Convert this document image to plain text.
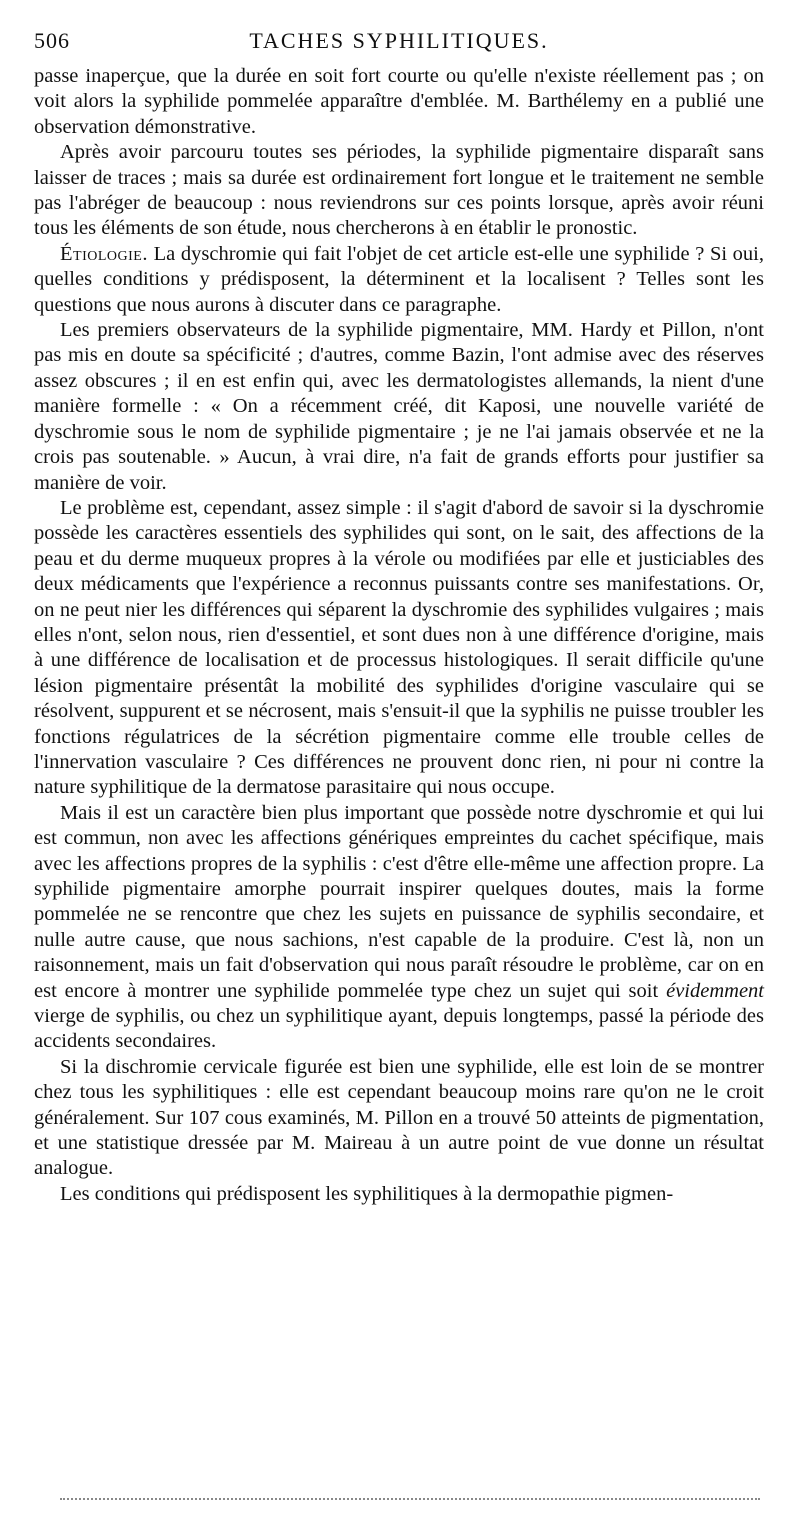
506	TACHES SYPHILITIQUES.

passe inaperçue, que la durée en soit fort courte ou qu'elle n'existe réellement pas ; on voit alors la syphilide pommelée apparaître d'emblée. M. Barthélemy en a publié une observation démonstrative.

Après avoir parcouru toutes ses périodes, la syphilide pigmentaire disparaît sans laisser de traces ; mais sa durée est ordinairement fort longue et le traitement ne semble pas l'abréger de beaucoup : nous reviendrons sur ces points lorsque, après avoir réuni tous les éléments de son étude, nous chercherons à en établir le pronostic.

Étiologie. La dyschromie qui fait l'objet de cet article est-elle une syphilide ? Si oui, quelles conditions y prédisposent, la déterminent et la localisent ? Telles sont les questions que nous aurons à discuter dans ce paragraphe.

Les premiers observateurs de la syphilide pigmentaire, MM. Hardy et Pillon, n'ont pas mis en doute sa spécificité ; d'autres, comme Bazin, l'ont admise avec des réserves assez obscures ; il en est enfin qui, avec les dermatologistes allemands, la nient d'une manière formelle : « On a récemment créé, dit Kaposi, une nouvelle variété de dyschromie sous le nom de syphilide pigmentaire ; je ne l'ai jamais observée et ne la crois pas soutenable. » Aucun, à vrai dire, n'a fait de grands efforts pour justifier sa manière de voir.

Le problème est, cependant, assez simple : il s'agit d'abord de savoir si la dyschromie possède les caractères essentiels des syphilides qui sont, on le sait, des affections de la peau et du derme muqueux propres à la vérole ou modifiées par elle et justiciables des deux médicaments que l'expérience a reconnus puissants contre ses manifestations. Or, on ne peut nier les différences qui séparent la dyschromie des syphilides vulgaires ; mais elles n'ont, selon nous, rien d'essentiel, et sont dues non à une différence d'origine, mais à une différence de localisation et de processus histologiques. Il serait difficile qu'une lésion pigmentaire présentât la mobilité des syphilides d'origine vasculaire qui se résolvent, suppurent et se nécrosent, mais s'ensuit-il que la syphilis ne puisse troubler les fonctions régulatrices de la sécrétion pigmentaire comme elle trouble celles de l'innervation vasculaire ? Ces différences ne prouvent donc rien, ni pour ni contre la nature syphilitique de la dermatose parasitaire qui nous occupe.

Mais il est un caractère bien plus important que possède notre dyschromie et qui lui est commun, non avec les affections génériques empreintes du cachet spécifique, mais avec les affections propres de la syphilis : c'est d'être elle-même une affection propre. La syphilide pigmentaire amorphe pourrait inspirer quelques doutes, mais la forme pommelée ne se rencontre que chez les sujets en puissance de syphilis secondaire, et nulle autre cause, que nous sachions, n'est capable de la produire. C'est là, non un raisonnement, mais un fait d'observation qui nous paraît résoudre le problème, car on en est encore à montrer une syphilide pommelée type chez un sujet qui soit évidemment vierge de syphilis, ou chez un syphilitique ayant, depuis longtemps, passé la période des accidents secondaires.

Si la dischromie cervicale figurée est bien une syphilide, elle est loin de se montrer chez tous les syphilitiques : elle est cependant beaucoup moins rare qu'on ne le croit généralement. Sur 107 cous examinés, M. Pillon en a trouvé 50 atteints de pigmentation, et une statistique dressée par M. Maireau à un autre point de vue donne un résultat analogue.

Les conditions qui prédisposent les syphilitiques à la dermopathie pigmen-
